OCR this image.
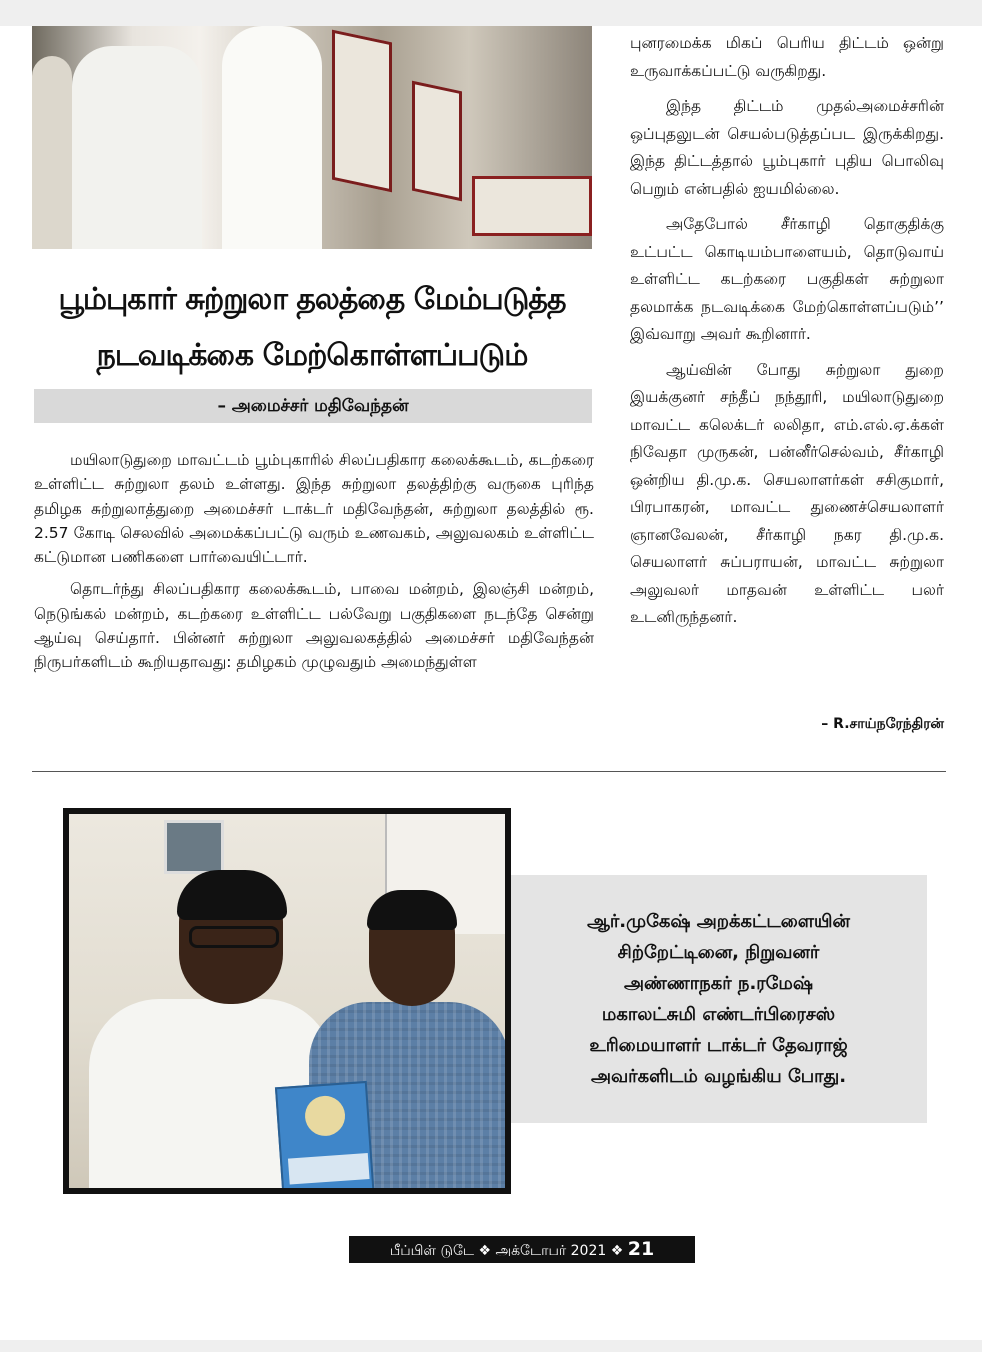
பூம்புகார் சுற்றுலா தலத்தை மேம்படுத்த
நடவடிக்கை மேற்கொள்ளப்படும்
– அமைச்சர் மதிவேந்தன்

மயிலாடுதுறை மாவட்டம் பூம்புகாரில் சிலப்பதிகார கலைக்கூடம், கடற்கரை உள்ளிட்ட சுற்றுலா தலம் உள்ளது. இந்த சுற்றுலா தலத்திற்கு வருகை புரிந்த தமிழக சுற்றுலாத்துறை அமைச்சர் டாக்டர் மதிவேந்தன், சுற்றுலா தலத்தில் ரூ. 2.57 கோடி செலவில் அமைக்கப்பட்டு வரும் உணவகம், அலுவலகம் உள்ளிட்ட கட்டுமான பணிகளை பார்வையிட்டார்.

தொடர்ந்து சிலப்பதிகார கலைக்கூடம், பாவை மன்றம், இலஞ்சி மன்றம், நெடுங்கல் மன்றம், கடற்கரை உள்ளிட்ட பல்வேறு பகுதிகளை நடந்தே சென்று ஆய்வு செய்தார். பின்னர் சுற்றுலா அலுவலகத்தில் அமைச்சர் மதிவேந்தன் நிருபர்களிடம் கூறியதாவது: தமிழகம் முழுவதும் அமைந்துள்ள

புனரமைக்க மிகப் பெரிய திட்டம் ஒன்று உருவாக்கப்பட்டு வருகிறது.

இந்த திட்டம் முதல்அமைச்சரின் ஒப்புதலுடன் செயல்படுத்தப்பட இருக்கிறது. இந்த திட்டத்தால் பூம்புகார் புதிய பொலிவு பெறும் என்பதில் ஐயமில்லை.

அதேபோல் சீர்காழி தொகுதிக்கு உட்பட்ட கொடியம்பாளையம், தொடுவாய் உள்ளிட்ட கடற்கரை பகுதிகள் சுற்றுலா தலமாக்க நடவடிக்கை மேற்கொள்ளப்படும்’’ இவ்வாறு அவர் கூறினார்.

ஆய்வின் போது சுற்றுலா துறை இயக்குனர் சந்தீப் நந்தூரி, மயிலாடுதுறை மாவட்ட கலெக்டர் லலிதா, எம்.எல்.ஏ.க்கள் நிவேதா முருகன், பன்னீர்செல்வம், சீர்காழி ஒன்றிய தி.மு.க. செயலாளர்கள் சசிகுமார், பிரபாகரன், மாவட்ட துணைச்செயலாளர் ஞானவேலன், சீர்காழி நகர தி.மு.க. செயலாளர் சுப்பராயன், மாவட்ட சுற்றுலா அலுவலர் மாதவன் உள்ளிட்ட பலர் உடனிருந்தனர்.

– R.சாய்நரேந்திரன்
ஆர்.முகேஷ் அறக்கட்டளையின்
சிற்றேட்டினை, நிறுவனர்
அண்ணாநகர் ந.ரமேஷ்
மகாலட்சுமி எண்டர்பிரைசஸ்
உரிமையாளர் டாக்டர் தேவராஜ்
அவர்களிடம் வழங்கிய போது.
பீப்பிள் டுடே ❖ அக்டோபர் 2021 ❖ 21
